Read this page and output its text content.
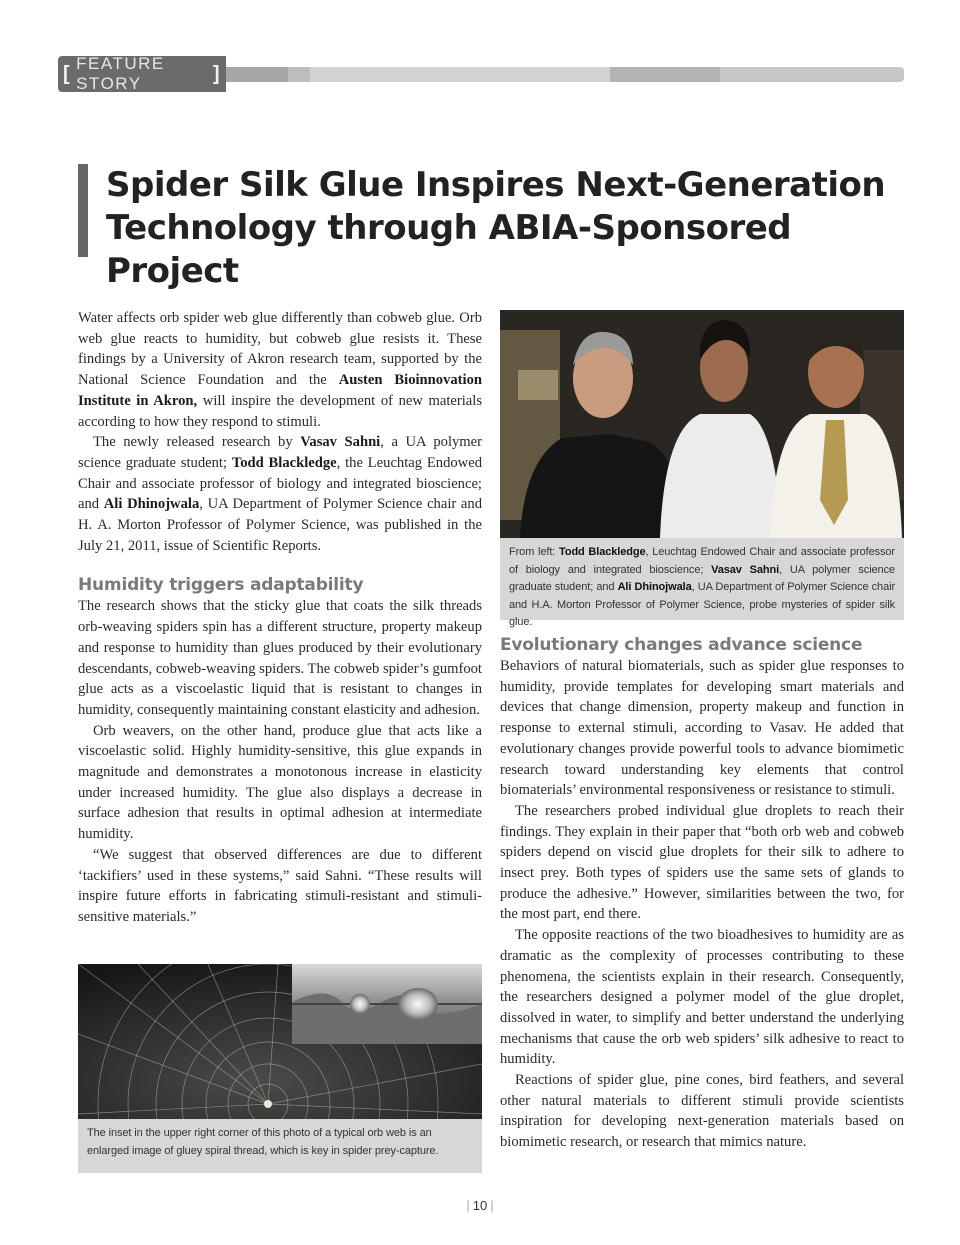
[ FEATURE STORY	]
Spider Silk Glue Inspires Next-Generation Technology through ABIA-Sponsored Project

Water affects orb spider web glue differently than cobweb glue. Orb web glue reacts to humidity, but cobweb glue resists it. These findings by a University of Akron research team, supported by the National Science Foundation and the Austen Bioinnovation Institute in Akron, will inspire the development of new materials according to how they respond to stimuli.

The newly released research by Vasav Sahni, a UA polymer science graduate student; Todd Blackledge, the Leuchtag Endowed Chair and associate professor of biology and integrated bioscience; and Ali Dhinojwala, UA Department of Polymer Science chair and H. A. Morton Professor of Polymer Science, was published in the July 21, 2011, issue of Scientific Reports.

Humidity triggers adaptability

The research shows that the sticky glue that coats the silk threads orb-weaving spiders spin has a different structure, property makeup and response to humidity than glues produced by their evolutionary descendants, cobweb-weaving spiders. The cobweb spider’s gumfoot glue acts as a viscoelastic liquid that is resistant to changes in humidity, consequently maintaining constant elasticity and adhesion.

Orb weavers, on the other hand, produce glue that acts like a viscoelastic solid. Highly humidity-sensitive, this glue expands in magnitude and demonstrates a monotonous increase in elasticity under increased humidity. The glue also displays a decrease in surface adhesion that results in optimal adhesion at intermediate humidity.

“We suggest that observed differences are due to different ‘tackifiers’ used in these systems,” said Sahni. “These results will inspire future efforts in fabricating stimuli-resistant and stimuli-sensitive materials.”

The inset in the upper right corner of this photo of a typical orb web is an enlarged image of gluey spiral thread, which is key in spider prey-capture.
From left: Todd Blackledge, Leuchtag Endowed Chair and associate professor of biology and integrated bioscience; Vasav Sahni, UA polymer science graduate student; and Ali Dhinojwala, UA Department of Polymer Science chair and H.A. Morton Professor of Polymer Science, probe mysteries of spider silk glue.
Evolutionary changes advance science

Behaviors of natural biomaterials, such as spider glue responses to humidity, provide templates for developing smart materials and devices that change dimension, property makeup and function in response to external stimuli, according to Vasav. He added that evolutionary changes provide powerful tools to advance biomimetic research toward understanding key elements that control biomaterials’ environmental responsiveness or resistance to stimuli.

The researchers probed individual glue droplets to reach their findings. They explain in their paper that “both orb web and cobweb spiders depend on viscid glue droplets for their silk to adhere to insect prey. Both types of spiders use the same sets of glands to produce the adhesive.” However, similarities between the two, for the most part, end there.

The opposite reactions of the two bioadhesives to humidity are as dramatic as the complexity of processes contributing to these phenomena, the scientists explain in their research. Consequently, the researchers designed a polymer model of the glue droplet, dissolved in water, to simplify and better understand the underlying mechanisms that cause the orb web spiders’ silk adhesive to react to humidity.

Reactions of spider glue, pine cones, bird feathers, and several other natural materials to different stimuli provide scientists inspiration for developing next-generation materials based on biomimetic research, or research that mimics nature.

| 10 |
